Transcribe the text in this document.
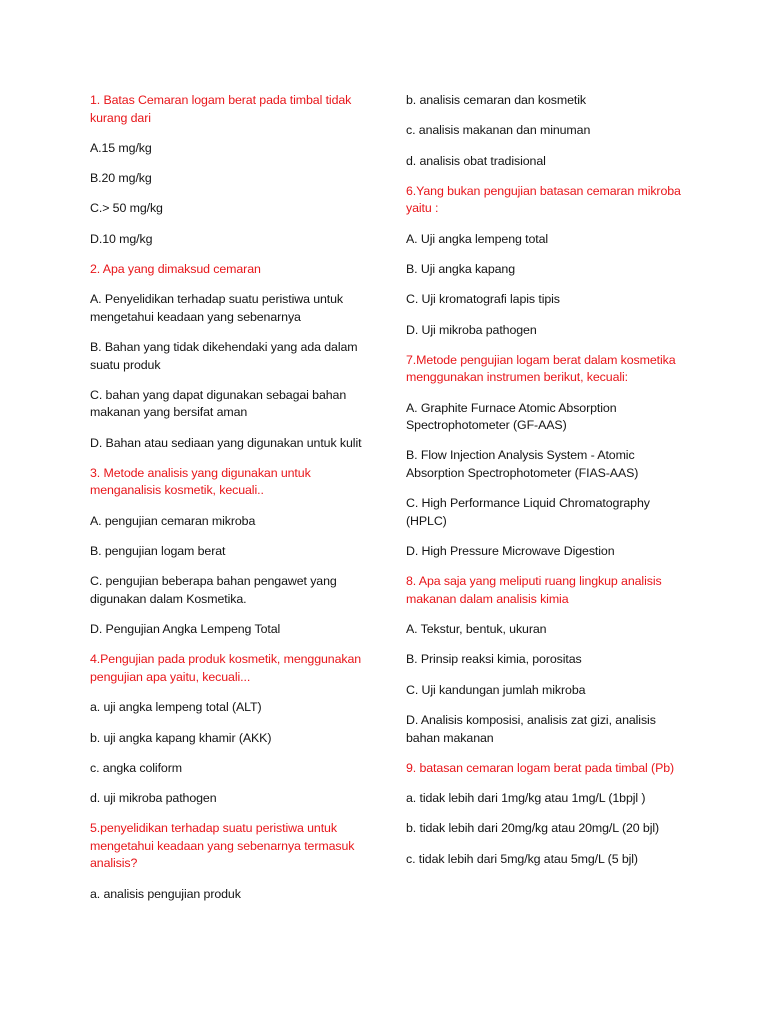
1. Batas Cemaran logam berat pada timbal tidak kurang dari

A.15 mg/kg

B.20 mg/kg

C.> 50 mg/kg

D.10 mg/kg

2. Apa yang dimaksud cemaran

A. Penyelidikan terhadap suatu peristiwa untuk mengetahui keadaan yang sebenarnya

B. Bahan yang tidak dikehendaki yang ada dalam suatu produk

C. bahan yang dapat digunakan sebagai bahan makanan yang bersifat aman

D. Bahan atau sediaan yang digunakan untuk kulit

3. Metode analisis yang digunakan untuk menganalisis kosmetik, kecuali..

A. pengujian cemaran mikroba

B. pengujian logam berat

C. pengujian beberapa bahan pengawet yang digunakan dalam Kosmetika.

D. Pengujian Angka Lempeng Total

4.Pengujian pada produk kosmetik, menggunakan pengujian apa yaitu, kecuali...

a. uji angka lempeng total (ALT)

b. uji angka kapang khamir (AKK)

c. angka coliform

d. uji mikroba pathogen

5.penyelidikan terhadap suatu peristiwa untuk mengetahui keadaan yang sebenarnya termasuk analisis?

a. analisis pengujian produk

b. analisis cemaran dan kosmetik

c. analisis makanan dan minuman

d. analisis obat tradisional

6.Yang bukan pengujian batasan cemaran mikroba yaitu :

A. Uji angka lempeng total

B. Uji angka kapang

C. Uji kromatografi lapis tipis

D. Uji mikroba pathogen

7.Metode pengujian logam berat dalam kosmetika menggunakan instrumen berikut, kecuali:

A. Graphite Furnace Atomic Absorption Spectrophotometer (GF-AAS)

B. Flow Injection Analysis System - Atomic Absorption Spectrophotometer (FIAS-AAS)

C. High Performance Liquid Chromatography (HPLC)

D. High Pressure Microwave Digestion

8. Apa saja yang meliputi ruang lingkup analisis makanan dalam analisis kimia

A. Tekstur, bentuk, ukuran

B. Prinsip reaksi kimia, porositas

C. Uji kandungan jumlah mikroba

D. Analisis komposisi, analisis zat gizi, analisis bahan makanan

9. batasan cemaran logam berat pada timbal (Pb)

a. tidak lebih dari 1mg/kg atau 1mg/L (1bpjl )

b. tidak lebih dari 20mg/kg atau 20mg/L (20 bjl)

c. tidak lebih dari 5mg/kg atau 5mg/L (5 bjl)
